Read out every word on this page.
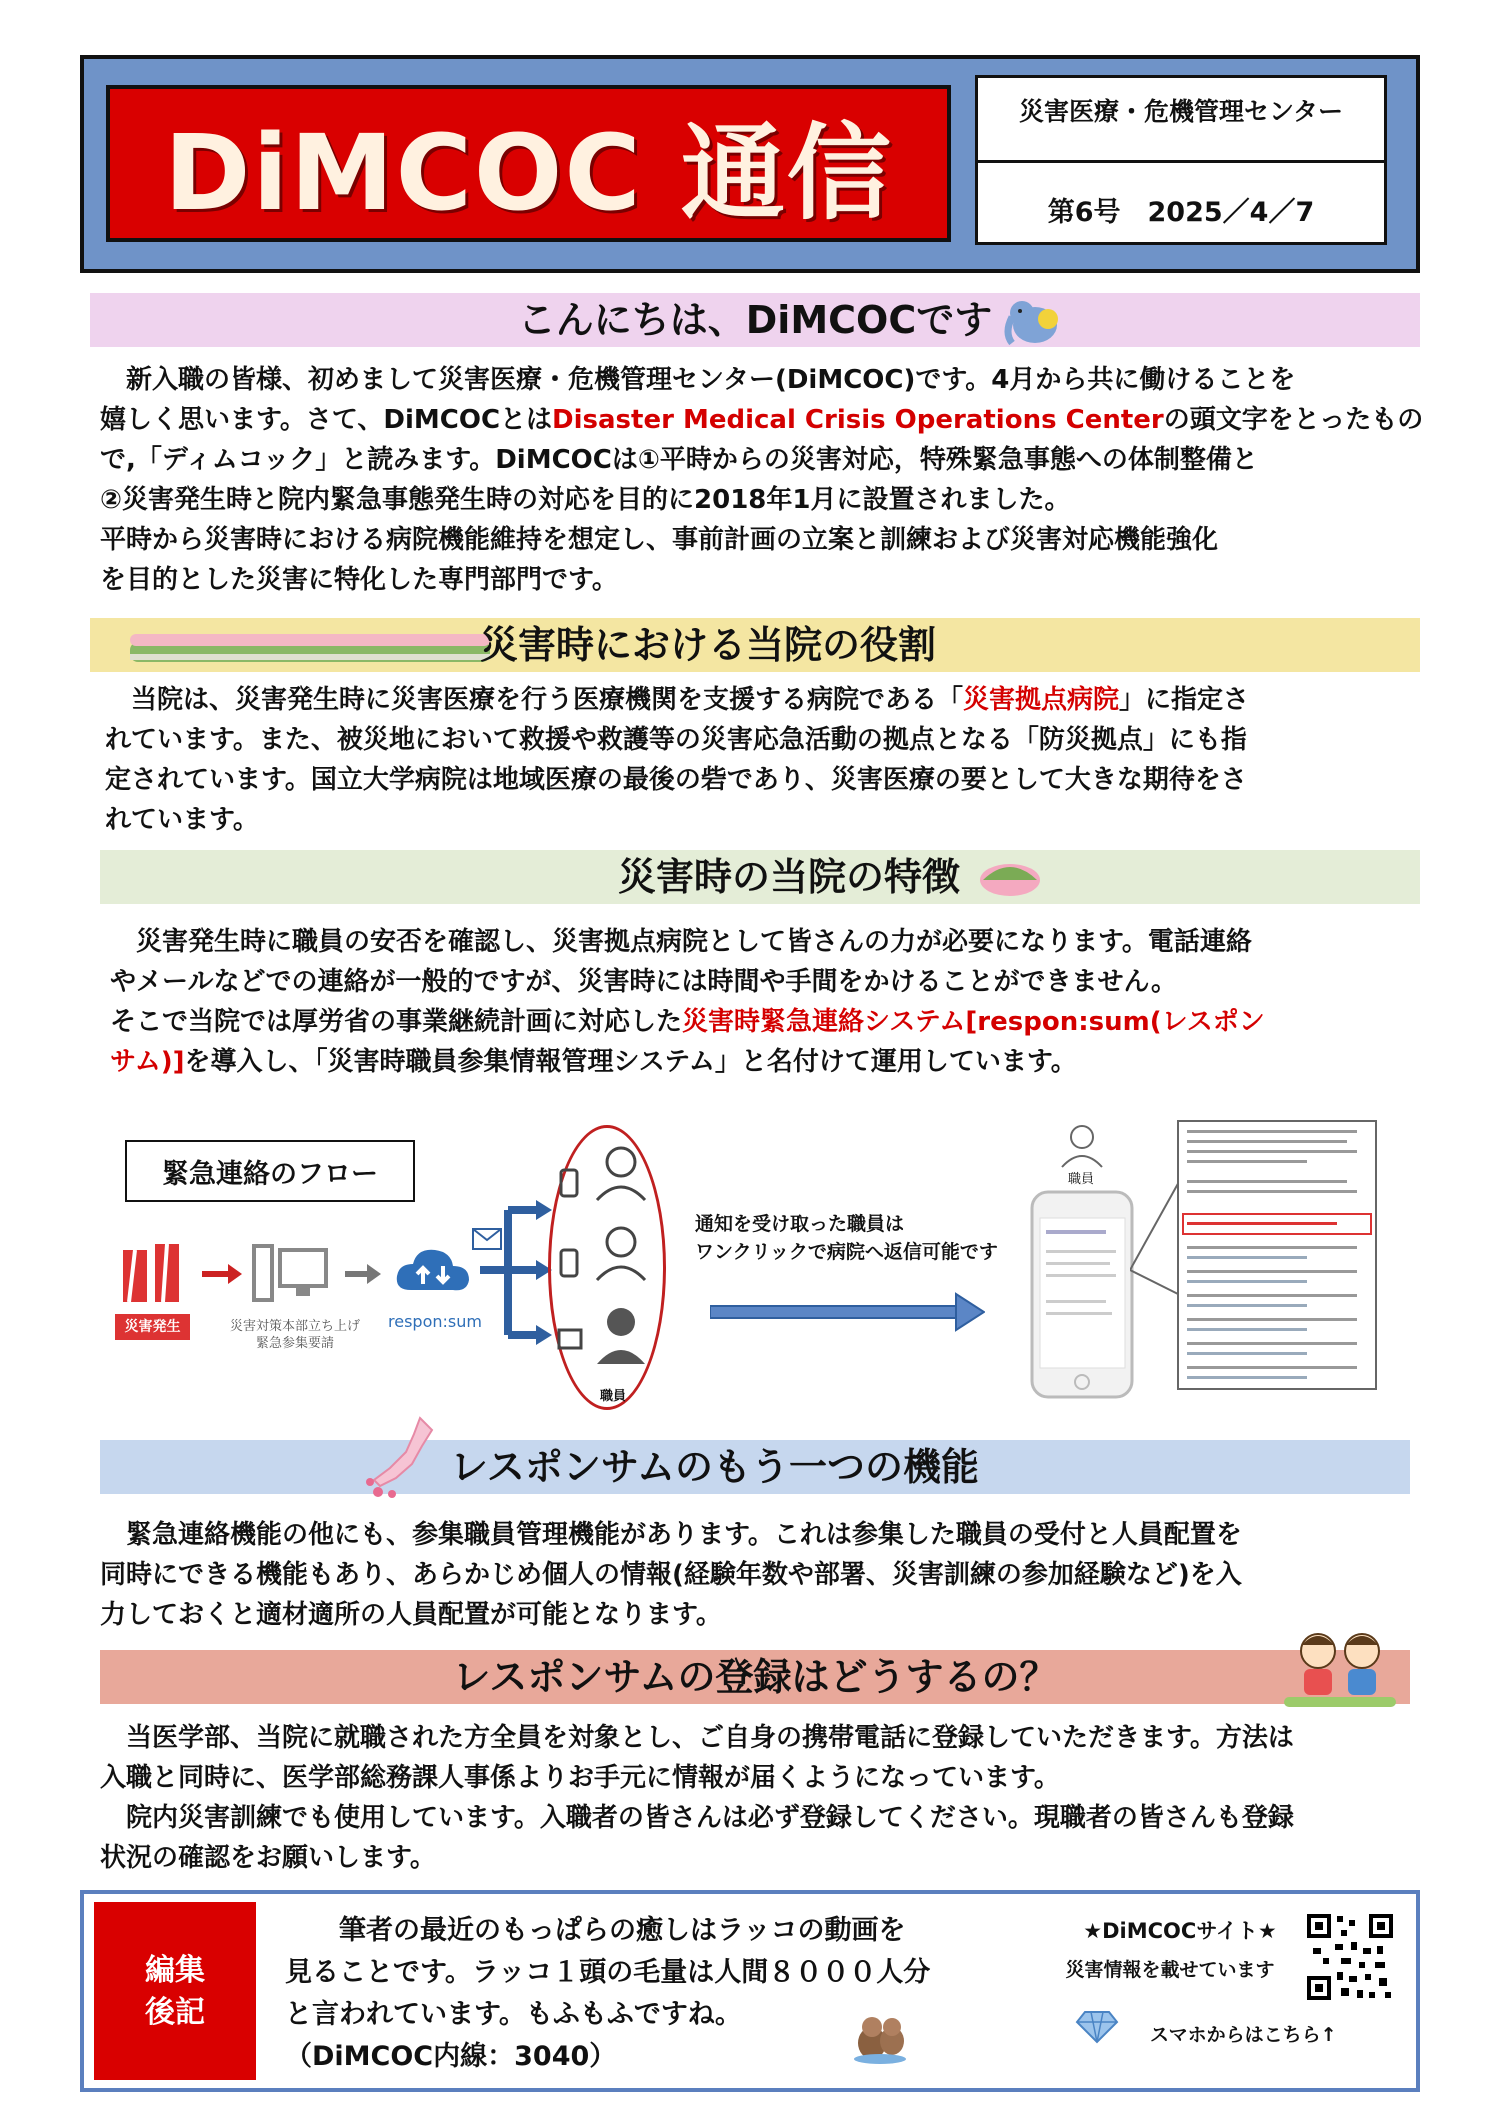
DiMCOC 通信	災害医療・危機管理センター
第6号　2025／4／7
こんにちは、DiMCOCです

　新入職の皆様、初めまして災害医療・危機管理センター(DiMCOC)です。4月から共に働けることを

嬉しく思います。さて、DiMCOCとはDisaster Medical Crisis Operations Centerの頭文字をとったもの

で,「ディムコック」と読みます。DiMCOCは①平時からの災害対応，特殊緊急事態への体制整備と

②災害発生時と院内緊急事態発生時の対応を目的に2018年1月に設置されました。

平時から災害時における病院機能維持を想定し、事前計画の立案と訓練および災害対応機能強化

を目的とした災害に特化した専門部門です。

災害時における当院の役割

　当院は、災害発生時に災害医療を行う医療機関を支援する病院である「災害拠点病院」に指定さ

れています。また、被災地において救援や救護等の災害応急活動の拠点となる「防災拠点」にも指

定されています。国立大学病院は地域医療の最後の砦であり、災害医療の要として大きな期待をさ

れています。

災害時の当院の特徴

　災害発生時に職員の安否を確認し、災害拠点病院として皆さんの力が必要になります。電話連絡

やメールなどでの連絡が一般的ですが、災害時には時間や手間をかけることができません。

そこで当院では厚労省の事業継続計画に対応した災害時緊急連絡システム[respon:sum(レスポン

サム)]を導入し、「災害時職員参集情報管理システム」と名付けて運用しています。

緊急連絡のフロー
災害発生	災害対策本部立ち上げ
緊急参集要請
respon:sum
職員
通知を受け取った職員は
ワンクリックで病院へ返信可能です
職員
レスポンサムのもう一つの機能

　緊急連絡機能の他にも、参集職員管理機能があります。これは参集した職員の受付と人員配置を

同時にできる機能もあり、あらかじめ個人の情報(経験年数や部署、災害訓練の参加経験など)を入

力しておくと適材適所の人員配置が可能となります。

レスポンサムの登録はどうするの？

　当医学部、当院に就職された方全員を対象とし、ご自身の携帯電話に登録していただきます。方法は

入職と同時に、医学部総務課人事係よりお手元に情報が届くようになっています。

　院内災害訓練でも使用しています。入職者の皆さんは必ず登録してください。現職者の皆さんも登録

状況の確認をお願いします。

編集
後記
　　筆者の最近のもっぱらの癒しはラッコの動画を
見ることです。ラッコ１頭の毛量は人間８０００人分
と言われています。もふもふですね。
（DiMCOC内線：3040）
★DiMCOCサイト★
災害情報を載せています
スマホからはこちら↑
